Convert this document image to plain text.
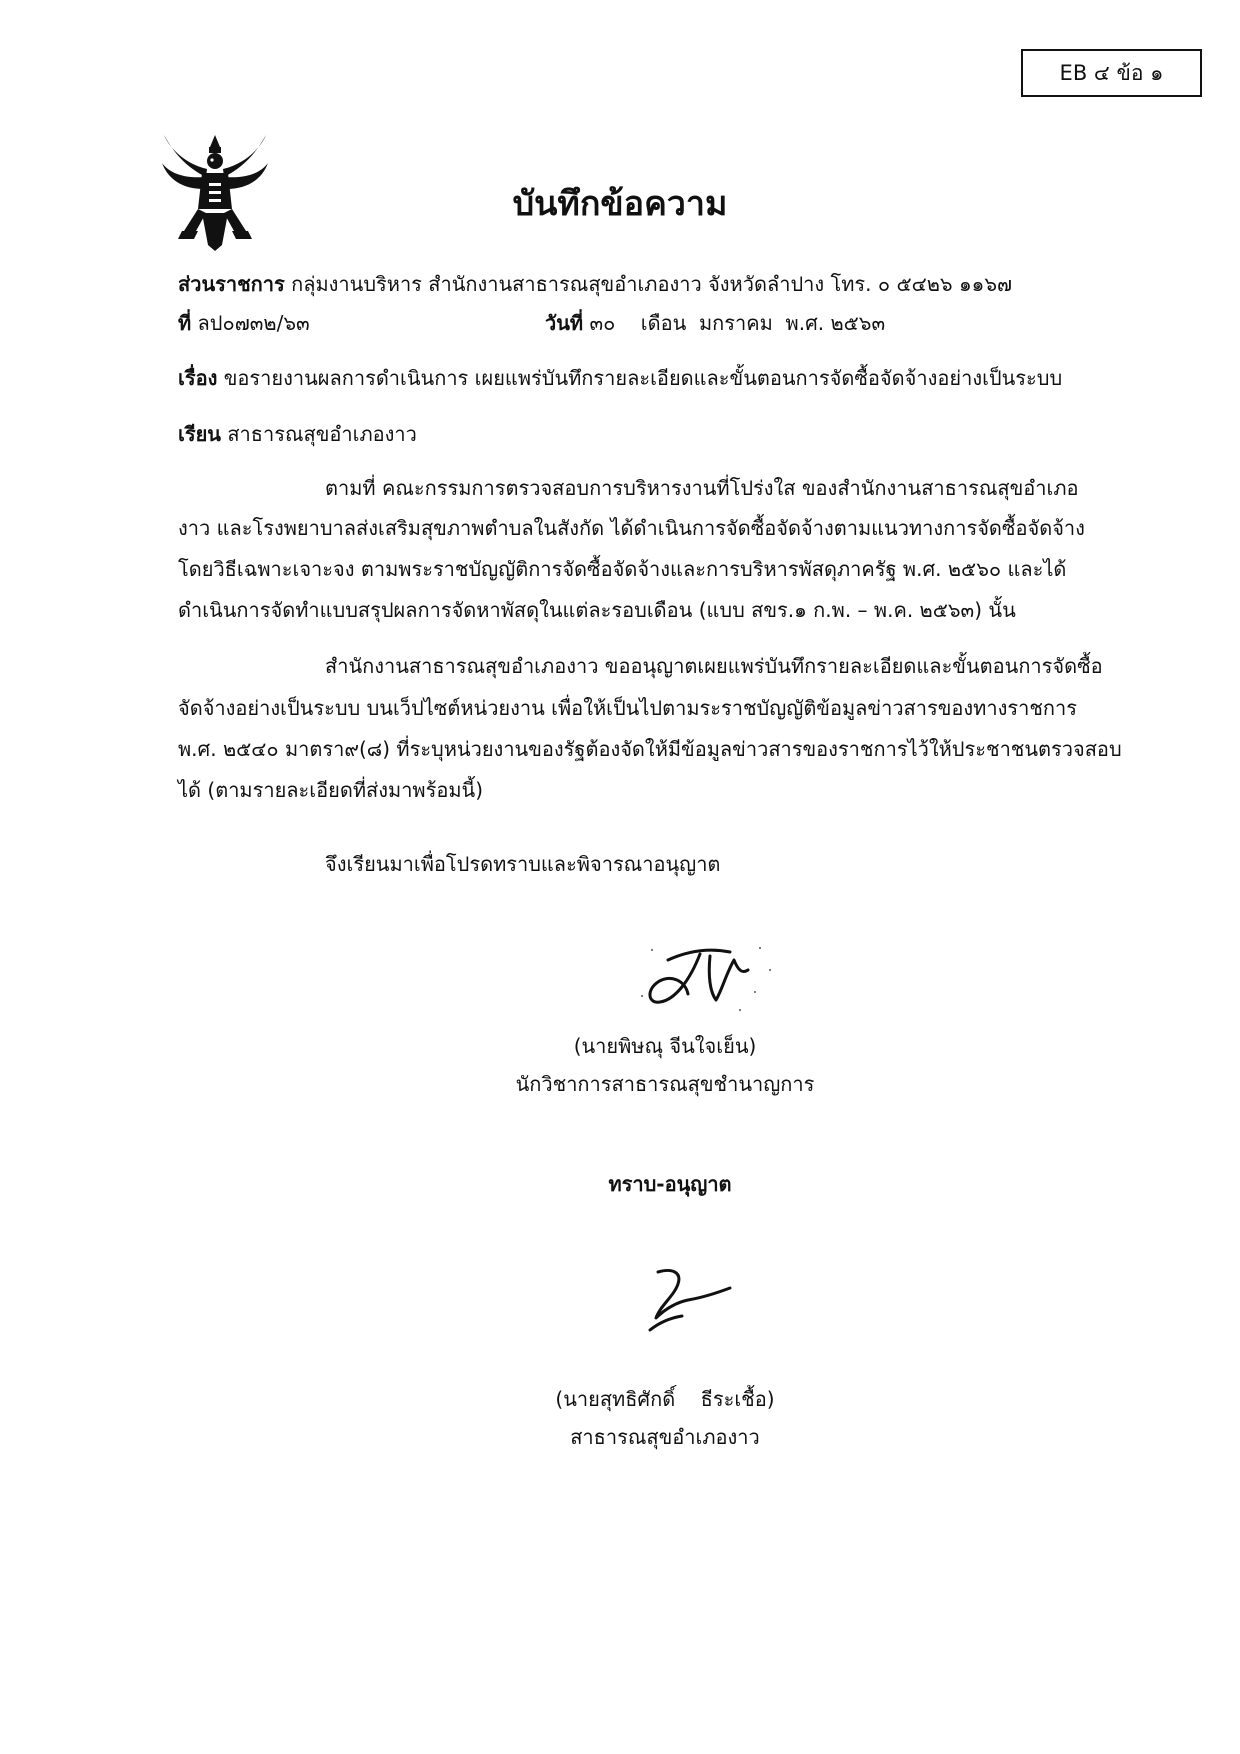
EB ๔ ข้อ ๑
บันทึกข้อความ
ส่วนราชการ กลุ่มงานบริหาร สำนักงานสาธารณสุขอำเภองาว จังหวัดลำปาง โทร. ๐ ๕๔๒๖ ๑๑๖๗
ที่ ลป๐๗๓๒/๖๓	วันที่ ๓๐    เดือน  มกราคม  พ.ศ. ๒๕๖๓
เรื่อง ขอรายงานผลการดำเนินการ เผยแพร่บันทึกรายละเอียดและขั้นตอนการจัดซื้อจัดจ้างอย่างเป็นระบบ
เรียน สาธารณสุขอำเภองาว
ตามที่ คณะกรรมการตรวจสอบการบริหารงานที่โปร่งใส ของสำนักงานสาธารณสุขอำเภอ
งาว และโรงพยาบาลส่งเสริมสุขภาพตำบลในสังกัด ได้ดำเนินการจัดซื้อจัดจ้างตามแนวทางการจัดซื้อจัดจ้าง
โดยวิธีเฉพาะเจาะจง ตามพระราชบัญญัติการจัดซื้อจัดจ้างและการบริหารพัสดุภาครัฐ พ.ศ. ๒๕๖๐ และได้
ดำเนินการจัดทำแบบสรุปผลการจัดหาพัสดุในแต่ละรอบเดือน (แบบ สขร.๑ ก.พ. – พ.ค. ๒๕๖๓) นั้น
สำนักงานสาธารณสุขอำเภองาว ขออนุญาตเผยแพร่บันทึกรายละเอียดและขั้นตอนการจัดซื้อ
จัดจ้างอย่างเป็นระบบ บนเว็ปไซต์หน่วยงาน เพื่อให้เป็นไปตามระราชบัญญัติข้อมูลข่าวสารของทางราชการ
พ.ศ. ๒๕๔๐ มาตรา๙(๘) ที่ระบุหน่วยงานของรัฐต้องจัดให้มีข้อมูลข่าวสารของราชการไว้ให้ประชาชนตรวจสอบ
ได้ (ตามรายละเอียดที่ส่งมาพร้อมนี้)
จึงเรียนมาเพื่อโปรดทราบและพิจารณาอนุญาต
(นายพิษณุ จีนใจเย็น)
นักวิชาการสาธารณสุขชำนาญการ
ทราบ-อนุญาต
(นายสุทธิศักดิ์    ธีระเชื้อ)
สาธารณสุขอำเภองาว
